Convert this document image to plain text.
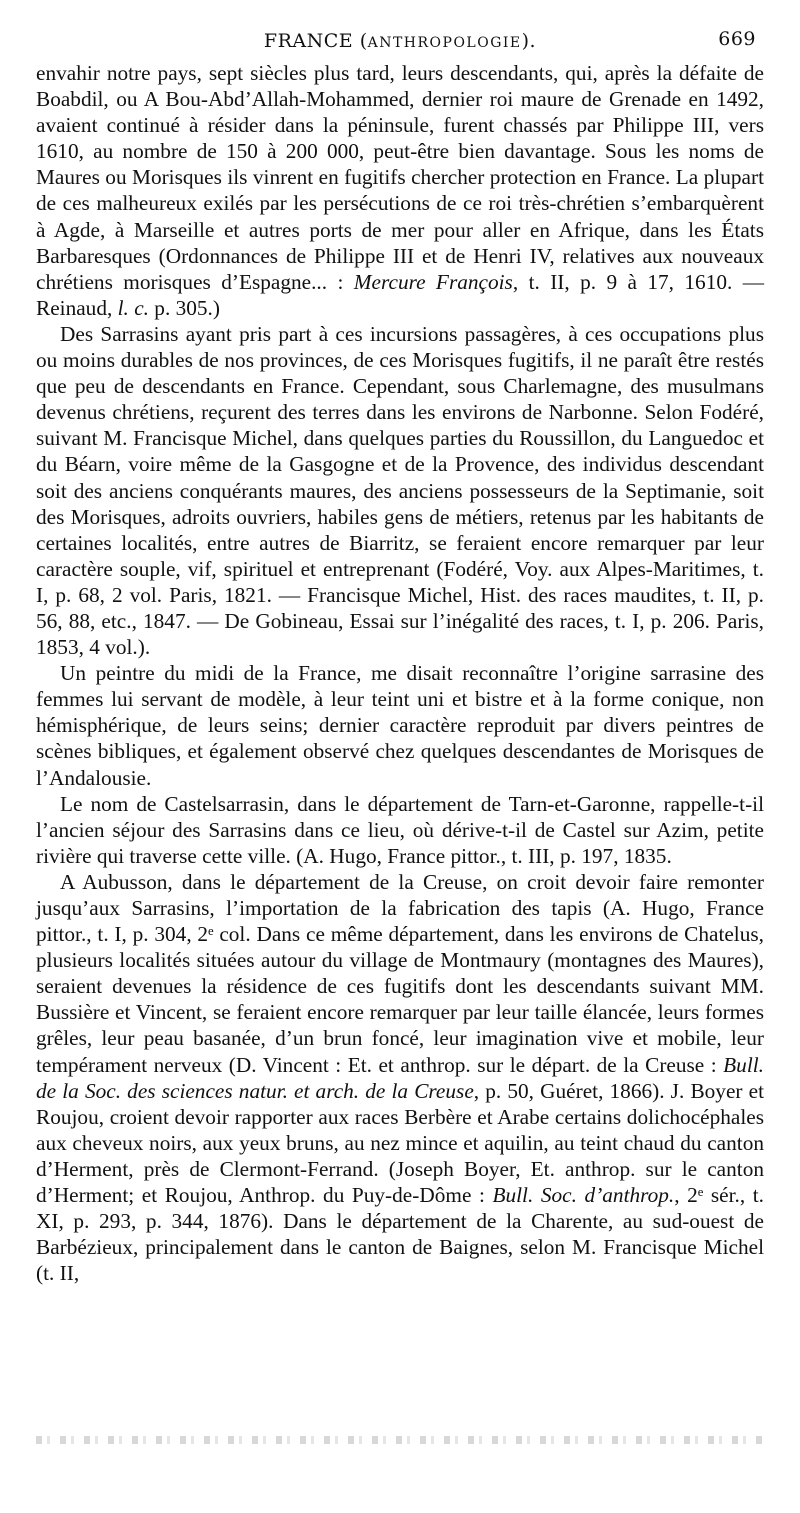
FRANCE (ANTHROPOLOGIE).	669

envahir notre pays, sept siècles plus tard, leurs descendants, qui, après la défaite de Boabdil, ou A Bou-Abd’Allah-Mohammed, dernier roi maure de Grenade en 1492, avaient continué à résider dans la péninsule, furent chassés par Philippe III, vers 1610, au nombre de 150 à 200 000, peut-être bien davantage. Sous les noms de Maures ou Morisques ils vinrent en fugitifs chercher protection en France. La plupart de ces malheureux exilés par les persécutions de ce roi très-chrétien s’embarquèrent à Agde, à Marseille et autres ports de mer pour aller en Afrique, dans les États Barbaresques (Ordonnances de Philippe III et de Henri IV, relatives aux nouveaux chrétiens morisques d’Espagne... : Mercure François, t. II, p. 9 à 17, 1610. — Reinaud, l. c. p. 305.)

Des Sarrasins ayant pris part à ces incursions passagères, à ces occupations plus ou moins durables de nos provinces, de ces Morisques fugitifs, il ne paraît être restés que peu de descendants en France. Cependant, sous Charlemagne, des musulmans devenus chrétiens, reçurent des terres dans les environs de Narbonne. Selon Fodéré, suivant M. Francisque Michel, dans quelques parties du Roussillon, du Languedoc et du Béarn, voire même de la Gasgogne et de la Provence, des individus descendant soit des anciens conquérants maures, des anciens possesseurs de la Septimanie, soit des Morisques, adroits ouvriers, habiles gens de métiers, retenus par les habitants de certaines localités, entre autres de Biarritz, se feraient encore remarquer par leur caractère souple, vif, spirituel et entreprenant (Fodéré, Voy. aux Alpes-Maritimes, t. I, p. 68, 2 vol. Paris, 1821. — Francisque Michel, Hist. des races maudites, t. II, p. 56, 88, etc., 1847. — De Gobineau, Essai sur l’inégalité des races, t. I, p. 206. Paris, 1853, 4 vol.).

Un peintre du midi de la France, me disait reconnaître l’origine sarrasine des femmes lui servant de modèle, à leur teint uni et bistre et à la forme conique, non hémisphérique, de leurs seins; dernier caractère reproduit par divers peintres de scènes bibliques, et également observé chez quelques descendantes de Morisques de l’Andalousie.

Le nom de Castelsarrasin, dans le département de Tarn-et-Garonne, rappelle-t-il l’ancien séjour des Sarrasins dans ce lieu, où dérive-t-il de Castel sur Azim, petite rivière qui traverse cette ville. (A. Hugo, France pittor., t. III, p. 197, 1835.

A Aubusson, dans le département de la Creuse, on croit devoir faire remonter jusqu’aux Sarrasins, l’importation de la fabrication des tapis (A. Hugo, France pittor., t. I, p. 304, 2ᵉ col. Dans ce même département, dans les environs de Chatelus, plusieurs localités situées autour du village de Montmaury (montagnes des Maures), seraient devenues la résidence de ces fugitifs dont les descendants suivant MM. Bussière et Vincent, se feraient encore remarquer par leur taille élancée, leurs formes grêles, leur peau basanée, d’un brun foncé, leur imagination vive et mobile, leur tempérament nerveux (D. Vincent : Et. et anthrop. sur le départ. de la Creuse : Bull. de la Soc. des sciences natur. et arch. de la Creuse, p. 50, Guéret, 1866). J. Boyer et Roujou, croient devoir rapporter aux races Berbère et Arabe certains dolichocéphales aux cheveux noirs, aux yeux bruns, au nez mince et aquilin, au teint chaud du canton d’Herment, près de Clermont-Ferrand. (Joseph Boyer, Et. anthrop. sur le canton d’Herment; et Roujou, Anthrop. du Puy-de-Dôme : Bull. Soc. d’anthrop., 2ᵉ sér., t. XI, p. 293, p. 344, 1876). Dans le département de la Charente, au sud-ouest de Barbézieux, principalement dans le canton de Baignes, selon M. Francisque Michel (t. II,
